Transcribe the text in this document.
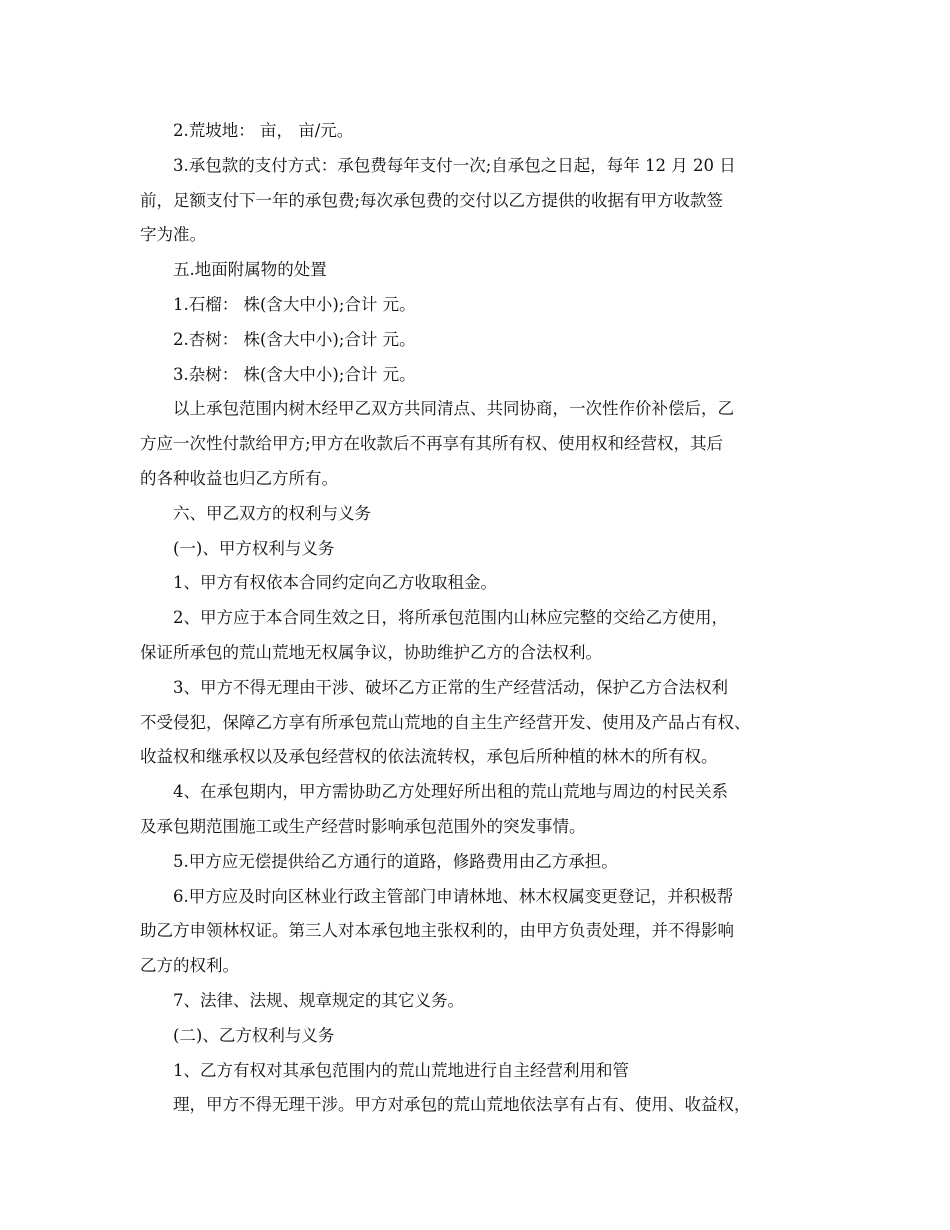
2.荒坡地： 亩， 亩/元。
3.承包款的支付方式：承包费每年支付一次;自承包之日起，每年 12 月 20 日
前，足额支付下一年的承包费;每次承包费的交付以乙方提供的收据有甲方收款签
字为准。
五.地面附属物的处置
1.石榴： 株(含大中小);合计 元。
2.杏树： 株(含大中小);合计 元。
3.杂树： 株(含大中小);合计 元。
以上承包范围内树木经甲乙双方共同清点、共同协商，一次性作价补偿后，乙
方应一次性付款给甲方;甲方在收款后不再享有其所有权、使用权和经营权，其后
的各种收益也归乙方所有。
六、甲乙双方的权利与义务
(一)、甲方权利与义务
1、甲方有权依本合同约定向乙方收取租金。
2、甲方应于本合同生效之日，将所承包范围内山林应完整的交给乙方使用，
保证所承包的荒山荒地无权属争议，协助维护乙方的合法权利。
3、甲方不得无理由干涉、破坏乙方正常的生产经营活动，保护乙方合法权利
不受侵犯，保障乙方享有所承包荒山荒地的自主生产经营开发、使用及产品占有权、
收益权和继承权以及承包经营权的依法流转权，承包后所种植的林木的所有权。
4、在承包期内，甲方需协助乙方处理好所出租的荒山荒地与周边的村民关系
及承包期范围施工或生产经营时影响承包范围外的突发事情。
5.甲方应无偿提供给乙方通行的道路，修路费用由乙方承担。
6.甲方应及时向区林业行政主管部门申请林地、林木权属变更登记，并积极帮
助乙方申领林权证。第三人对本承包地主张权利的，由甲方负责处理，并不得影响
乙方的权利。
7、法律、法规、规章规定的其它义务。
(二)、乙方权利与义务
1、乙方有权对其承包范围内的荒山荒地进行自主经营利用和管
理，甲方不得无理干涉。甲方对承包的荒山荒地依法享有占有、使用、收益权，
